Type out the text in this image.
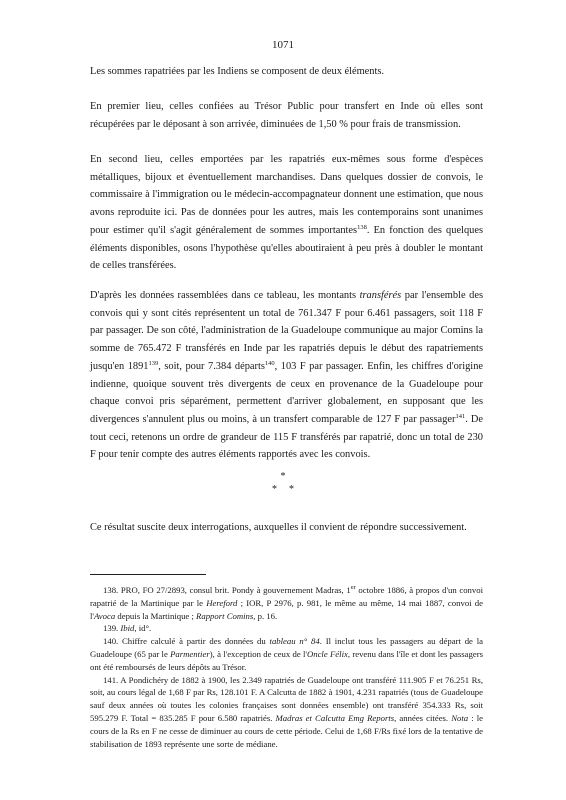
1071

Les sommes rapatriées par les Indiens se composent de deux éléments.

En premier lieu, celles confiées au Trésor Public pour transfert en Inde où elles sont récupérées par le déposant à son arrivée, diminuées de 1,50 % pour frais de transmission.

En second lieu, celles emportées par les rapatriés eux-mêmes sous forme d'espèces métalliques, bijoux et éventuellement marchandises. Dans quelques dossier de convois, le commissaire à l'immigration ou le médecin-accompagnateur donnent une estimation, que nous avons reproduite ici. Pas de données pour les autres, mais les contemporains sont unanimes pour estimer qu'il s'agit généralement de sommes importantes$^{138}$. En fonction des quelques éléments disponibles, osons l'hypothèse qu'elles aboutiraient à peu près à doubler le montant de celles transférées.

D'après les données rassemblées dans ce tableau, les montants transférés par l'ensemble des convois qui y sont cités représentent un total de 761.347 F pour 6.461 passagers, soit 118 F par passager. De son côté, l'administration de la Guadeloupe communique au major Comins la somme de 765.472 F transférés en Inde par les rapatriés depuis le début des rapatriements jusqu'en 1891$^{139}$, soit, pour 7.384 départs$^{140}$, 103 F par passager. Enfin, les chiffres d'origine indienne, quoique souvent très divergents de ceux en provenance de la Guadeloupe pour chaque convoi pris séparément, permettent d'arriver globalement, en supposant que les divergences s'annulent plus ou moins, à un transfert comparable de 127 F par passager$^{141}$. De tout ceci, retenons un ordre de grandeur de 115 F transférés par rapatrié, donc un total de 230 F pour tenir compte des autres éléments rapportés avec les convois.

*
* *

Ce résultat suscite deux interrogations, auxquelles il convient de répondre successivement.

138. PRO, FO 27/2893, consul brit. Pondy à gouvernement Madras, 1er octobre 1886, à propos d'un convoi rapatrié de la Martinique par le Hereford ; IOR, P 2976, p. 981, le même au même, 14 mai 1887, convoi de l'Avoca depuis la Martinique ; Rapport Comins, p. 16.

139. Ibid, id°.

140. Chiffre calculé à partir des données du tableau n° 84. Il inclut tous les passagers au départ de la Guadeloupe (65 par le Parmentier), à l'exception de ceux de l'Oncle Félix, revenu dans l'île et dont les passagers ont été remboursés de leurs dépôts au Trésor.

141. A Pondichéry de 1882 à 1900, les 2.349 rapatriés de Guadeloupe ont transféré 111.905 F et 76.251 Rs, soit, au cours légal de 1,68 F par Rs, 128.101 F. A Calcutta de 1882 à 1901, 4.231 rapatriés (tous de Guadeloupe sauf deux années où toutes les colonies françaises sont données ensemble) ont transféré 354.333 Rs, soit 595.279 F. Total = 835.285 F pour 6.580 rapatriés. Madras et Calcutta Emg Reports, années citées. Nota : le cours de la Rs en F ne cesse de diminuer au cours de cette période. Celui de 1,68 F/Rs fixé lors de la tentative de stabilisation de 1893 représente une sorte de médiane.
